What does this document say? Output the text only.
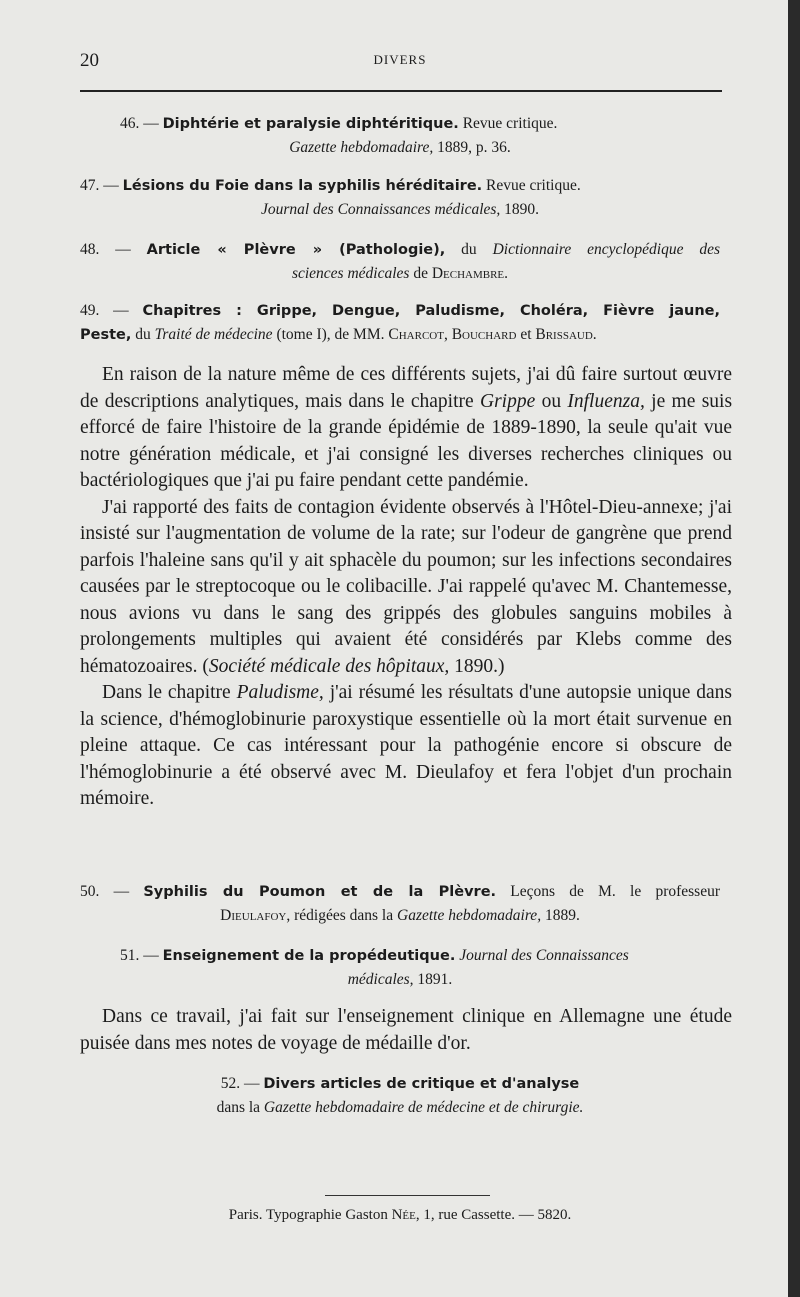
20	DIVERS
46. — Diphtérie et paralysie diphtéritique. Revue critique.
Gazette hebdomadaire, 1889, p. 36.
47. — Lésions du Foie dans la syphilis héréditaire. Revue critique.
Journal des Connaissances médicales, 1890.
48. — Article « Plèvre » (Pathologie), du Dictionnaire encyclopédique des
sciences médicales de Dechambre.
49. — Chapitres : Grippe, Dengue, Paludisme, Choléra, Fièvre jaune,
Peste, du Traité de médecine (tome I), de MM. Charcot, Bouchard et Brissaud.

En raison de la nature même de ces différents sujets, j'ai dû faire surtout œuvre de descriptions analytiques, mais dans le chapitre Grippe ou Influenza, je me suis efforcé de faire l'histoire de la grande épidémie de 1889-1890, la seule qu'ait vue notre génération médicale, et j'ai consigné les diverses recherches cliniques ou bactériologiques que j'ai pu faire pendant cette pandémie.

J'ai rapporté des faits de contagion évidente observés à l'Hôtel-Dieu-annexe; j'ai insisté sur l'augmentation de volume de la rate; sur l'odeur de gangrène que prend parfois l'haleine sans qu'il y ait sphacèle du poumon; sur les infections secondaires causées par le streptocoque ou le colibacille. J'ai rappelé qu'avec M. Chantemesse, nous avions vu dans le sang des grippés des globules sanguins mobiles à prolongements multiples qui avaient été considérés par Klebs comme des hématozoaires. (Société médicale des hôpitaux, 1890.)

Dans le chapitre Paludisme, j'ai résumé les résultats d'une autopsie unique dans la science, d'hémoglobinurie paroxystique essentielle où la mort était survenue en pleine attaque. Ce cas intéressant pour la pathogénie encore si obscure de l'hémoglobinurie a été observé avec M. Dieulafoy et fera l'objet d'un prochain mémoire.

50. — Syphilis du Poumon et de la Plèvre. Leçons de M. le professeur
Dieulafoy, rédigées dans la Gazette hebdomadaire, 1889.
51. — Enseignement de la propédeutique. Journal des Connaissances
médicales, 1891.

Dans ce travail, j'ai fait sur l'enseignement clinique en Allemagne une étude puisée dans mes notes de voyage de médaille d'or.

52. — Divers articles de critique et d'analyse
dans la Gazette hebdomadaire de médecine et de chirurgie.
Paris. Typographie Gaston Née, 1, rue Cassette. — 5820.
